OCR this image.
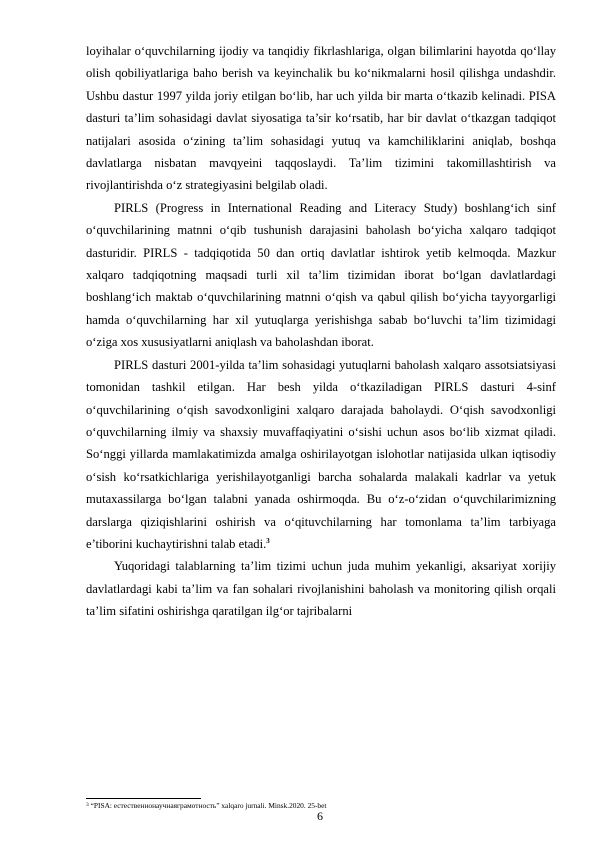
loyihalar o‘quvchilarning ijodiy va tanqidiy fikrlashlariga, olgan bilimlarini hayotda qo‘llay olish qobiliyatlariga baho berish va keyinchalik bu ko‘nikmalarni hosil qilishga undashdir. Ushbu dastur 1997 yilda joriy etilgan bo‘lib, har uch yilda bir marta o‘tkazib kelinadi. PISA dasturi ta’lim sohasidagi davlat siyosatiga ta’sir ko‘rsatib, har bir davlat o‘tkazgan tadqiqot natijalari asosida o‘zining ta’lim sohasidagi yutuq va kamchiliklarini aniqlab, boshqa davlatlarga nisbatan mavqyeini taqqoslaydi. Ta’lim tizimini takomillashtirish va rivojlantirishda o‘z strategiyasini belgilab oladi.

PIRLS (Progress in International Reading and Literacy Study) boshlang‘ich sinf o‘quvchilarining matnni o‘qib tushunish darajasini baholash bo‘yicha xalqaro tadqiqot dasturidir. PIRLS - tadqiqotida 50 dan ortiq davlatlar ishtirok yetib kelmoqda. Mazkur xalqaro tadqiqotning maqsadi turli xil ta’lim tizimidan iborat bo‘lgan davlatlardagi boshlang‘ich maktab o‘quvchilarining matnni o‘qish va qabul qilish bo‘yicha tayyorgarligi hamda o‘quvchilarning har xil yutuqlarga yerishishga sabab bo‘luvchi ta’lim tizimidagi o‘ziga xos xususiyatlarni aniqlash va baholashdan iborat.

PIRLS dasturi 2001-yilda ta’lim sohasidagi yutuqlarni baholash xalqaro assotsiatsiyasi tomonidan tashkil etilgan. Har besh yilda o‘tkaziladigan PIRLS dasturi 4-sinf o‘quvchilarining o‘qish savodxonligini xalqaro darajada baholaydi. O‘qish savodxonligi o‘quvchilarning ilmiy va shaxsiy muvaffaqiyatini o‘sishi uchun asos bo‘lib xizmat qiladi. So‘nggi yillarda mamlakatimizda amalga oshirilayotgan islohotlar natijasida ulkan iqtisodiy o‘sish ko‘rsatkichlariga yerishilayotganligi barcha sohalarda malakali kadrlar va yetuk mutaxassilarga bo‘lgan talabni yanada oshirmoqda. Bu o‘z-o‘zidan o‘quvchilarimizning darslarga qiziqishlarini oshirish va o‘qituvchilarning har tomonlama ta’lim tarbiyaga e’tiborini kuchaytirishni talab etadi.$^3$

Yuqoridagi talablarning ta’lim tizimi uchun juda muhim yekanligi, aksariyat xorijiy davlatlardagi kabi ta’lim va fan sohalari rivojlanishini baholash va monitoring qilish orqali ta’lim sifatini oshirishga qaratilgan ilg‘or tajribalarni

$^3$ “PISA: естественнонаучнаяграмотность” xalqaro jurnali. Minsk.2020. 25-bet
6
